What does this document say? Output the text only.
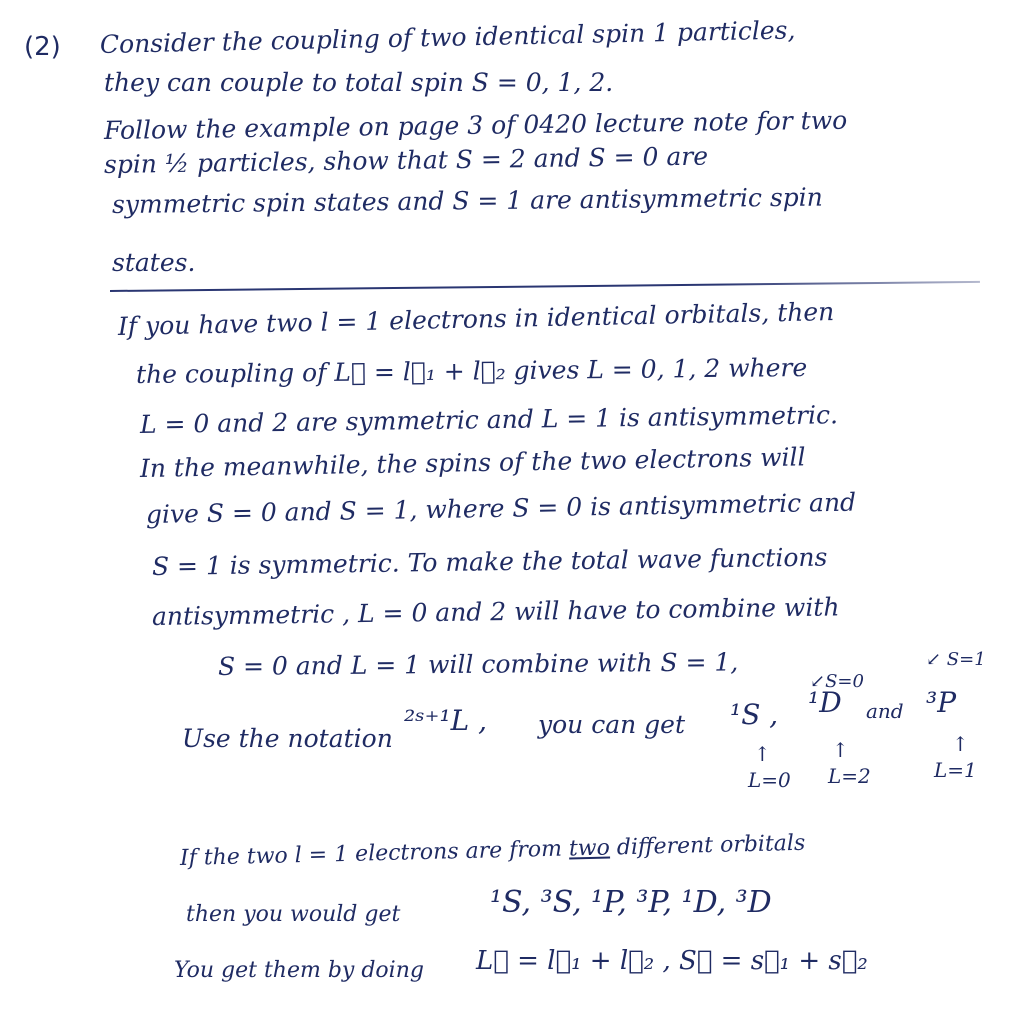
(2) Consider the coupling of two identical spin 1 particles,
they can couple to total spin S = 0, 1, 2.
Follow the example on page 3 of 0420 lecture note for two
spin ½ particles, show that S = 2 and S = 0 are
symmetric spin states and S = 1 are antisymmetric spin
states.
If you have two l = 1 electrons in identical orbitals, then
the coupling of L⃗ = l⃗₁ + l⃗₂ gives L = 0, 1, 2 where
L = 0 and 2 are symmetric and L = 1 is antisymmetric.
In the meanwhile, the spins of the two electrons will
give S = 0 and S = 1, where S = 0 is antisymmetric and
S = 1 is symmetric. To make the total wave functions
antisymmetric , L = 0 and 2 will have to combine with
S = 0 and L = 1 will combine with S = 1,
↙S=0
↙ S=1
Use the notation
²ˢ⁺¹L , you can get ¹S , ¹D and ³P
↑	↑	↑
L=0 L=2	L=1
If the two l = 1 electrons are from two different orbitals
then you would get	¹S, ³S, ¹P, ³P, ¹D, ³D
You get them by doing L⃗ = l⃗₁ + l⃗₂ , S⃗ = s⃗₁ + s⃗₂
